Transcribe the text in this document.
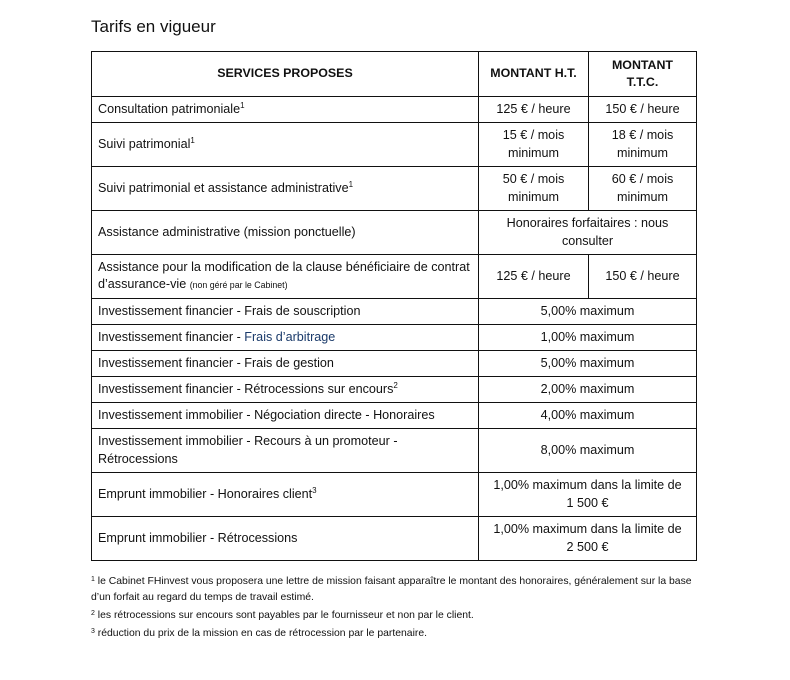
Tarifs en vigueur
SERVICES PROPOSES	MONTANT H.T.	MONTANT T.T.C.
Consultation patrimoniale$^1$	125 € / heure	150 € / heure
Suivi patrimonial$^1$	15 € / mois minimum	18 € / mois minimum
Suivi patrimonial et assistance administrative$^1$	50 € / mois minimum	60 € / mois minimum
Assistance administrative (mission ponctuelle)	Honoraires forfaitaires : nous consulter	
Assistance pour la modification de la clause bénéficiaire de contrat d’assurance-vie (non géré par le Cabinet)	125 € / heure	150 € / heure
Investissement financier - Frais de souscription	5,00% maximum	
Investissement financier - Frais d’arbitrage	1,00% maximum	
Investissement financier - Frais de gestion	5,00% maximum	
Investissement financier - Rétrocessions sur encours$^2$	2,00% maximum	
Investissement immobilier - Négociation directe - Honoraires	4,00% maximum	
Investissement immobilier - Recours à un promoteur - Rétrocessions	8,00% maximum	
Emprunt immobilier - Honoraires client$^3$	1,00% maximum dans la limite de
1 500 €	

Emprunt immobilier - Rétrocessions	1,00% maximum dans la limite de
2 500 €	

$^1$ le Cabinet FHinvest vous proposera une lettre de mission faisant apparaître le montant des honoraires, généralement sur la base d’un forfait au regard du temps de travail estimé.

$^2$ les rétrocessions sur encours sont payables par le fournisseur et non par le client.

$^3$ réduction du prix de la mission en cas de rétrocession par le partenaire.
